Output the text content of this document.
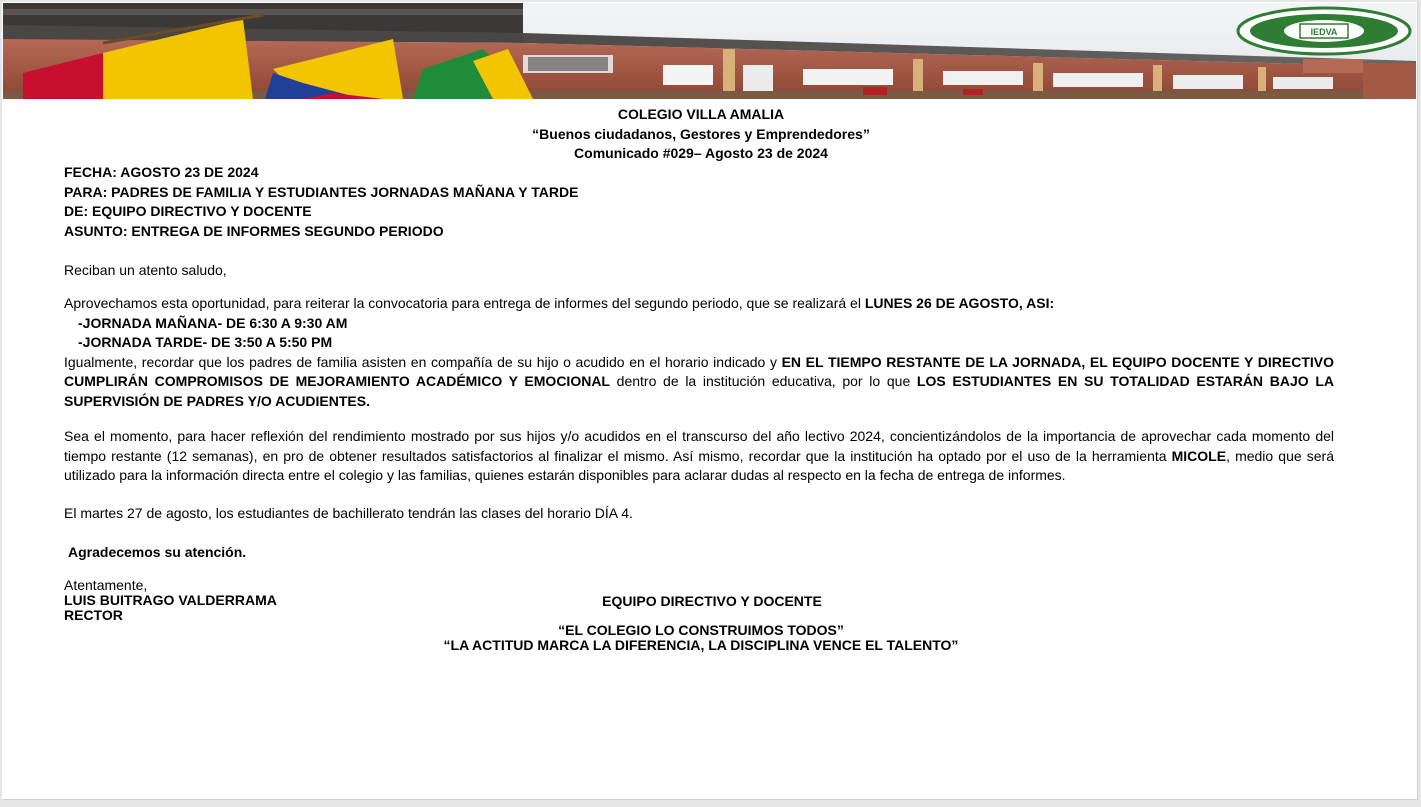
IEDVA
COLEGIO VILLA AMALIA
“Buenos ciudadanos, Gestores y Emprendedores”
Comunicado #029– Agosto 23 de 2024
FECHA: AGOSTO 23 DE 2024
PARA: PADRES DE FAMILIA Y ESTUDIANTES JORNADAS MAÑANA Y TARDE
DE: EQUIPO DIRECTIVO Y DOCENTE
ASUNTO: ENTREGA DE INFORMES SEGUNDO PERIODO
Reciban un atento saludo,
Aprovechamos esta oportunidad, para reiterar la convocatoria para entrega de informes del segundo periodo, que se realizará el LUNES 26 DE AGOSTO, ASI:
-JORNADA MAÑANA- DE 6:30 A 9:30 AM
-JORNADA TARDE- DE 3:50 A 5:50 PM
Igualmente, recordar que los padres de familia asisten en compañía de su hijo o acudido en el horario indicado y EN EL TIEMPO RESTANTE DE LA JORNADA, EL EQUIPO DOCENTE Y DIRECTIVO CUMPLIRÁN COMPROMISOS DE MEJORAMIENTO ACADÉMICO Y EMOCIONAL dentro de la institución educativa, por lo que LOS ESTUDIANTES EN SU TOTALIDAD ESTARÁN BAJO LA SUPERVISIÓN DE PADRES Y/O ACUDIENTES.
Sea el momento, para hacer reflexión del rendimiento mostrado por sus hijos y/o acudidos en el transcurso del año lectivo 2024, concientizándolos de la importancia de aprovechar cada momento del tiempo restante (12 semanas), en pro de obtener resultados satisfactorios al finalizar el mismo. Así mismo, recordar que la institución ha optado por el uso de la herramienta MICOLE, medio que será utilizado para la información directa entre el colegio y las familias, quienes estarán disponibles para aclarar dudas al respecto en la fecha de entrega de informes.
El martes 27 de agosto, los estudiantes de bachillerato tendrán las clases del horario DÍA 4.
Agradecemos su atención.
Atentamente,
LUIS BUITRAGO VALDERRAMA
RECTOR
EQUIPO DIRECTIVO Y DOCENTE
“EL COLEGIO LO CONSTRUIMOS TODOS”
“LA ACTITUD MARCA LA DIFERENCIA, LA DISCIPLINA VENCE EL TALENTO”
